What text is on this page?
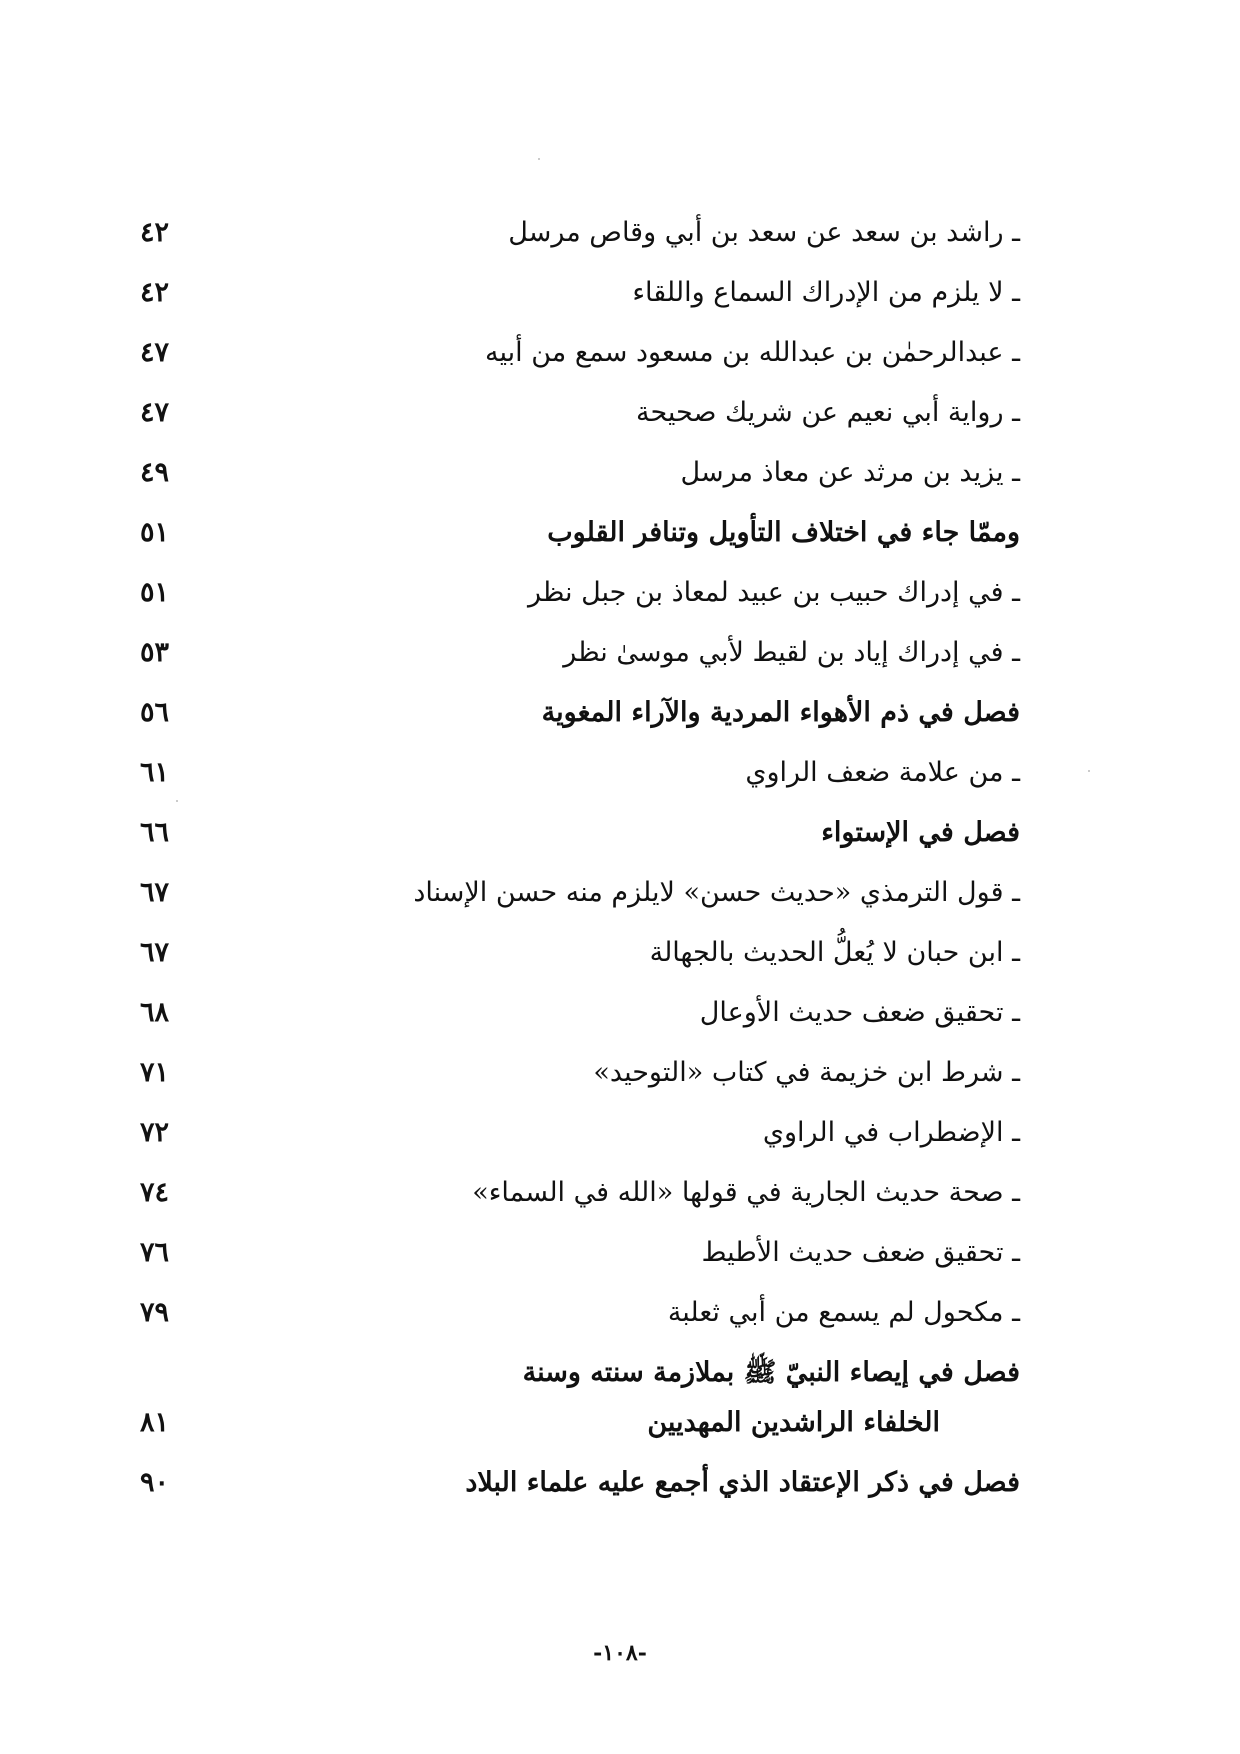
ـ راشد بن سعد عن سعد بن أبي وقاص مرسل
٤٢
ـ لا يلزم من الإدراك السماع واللقاء
٤٢
ـ عبدالرحمٰن بن عبدالله بن مسعود سمع من أبيه
٤٧
ـ رواية أبي نعيم عن شريك صحيحة
٤٧
ـ يزيد بن مرثد عن معاذ مرسل
٤٩
وممّا جاء في اختلاف التأويل وتنافر القلوب
٥١
ـ في إدراك حبيب بن عبيد لمعاذ بن جبل نظر
٥١
ـ في إدراك إياد بن لقيط لأبي موسىٰ نظر
٥٣
فصل في ذم الأهواء المردية والآراء المغوية
٥٦
ـ من علامة ضعف الراوي
٦١
فصل في الإستواء
٦٦
ـ قول الترمذي «حديث حسن» لايلزم منه حسن الإسناد
٦٧
ـ ابن حبان لا يُعلُّ الحديث بالجهالة
٦٧
ـ تحقيق ضعف حديث الأوعال
٦٨
ـ شرط ابن خزيمة في كتاب «التوحيد»
٧١
ـ الإضطراب في الراوي
٧٢
ـ صحة حديث الجارية في قولها «الله في السماء»
٧٤
ـ تحقيق ضعف حديث الأطيط
٧٦
ـ مكحول لم يسمع من أبي ثعلبة
٧٩
فصل في إيصاء النبيّ ﷺ بملازمة سنته وسنة
الخلفاء الراشدين المهديين
٨١
فصل في ذكر الإعتقاد الذي أجمع عليه علماء البلاد
٩٠
-١٠٨-
